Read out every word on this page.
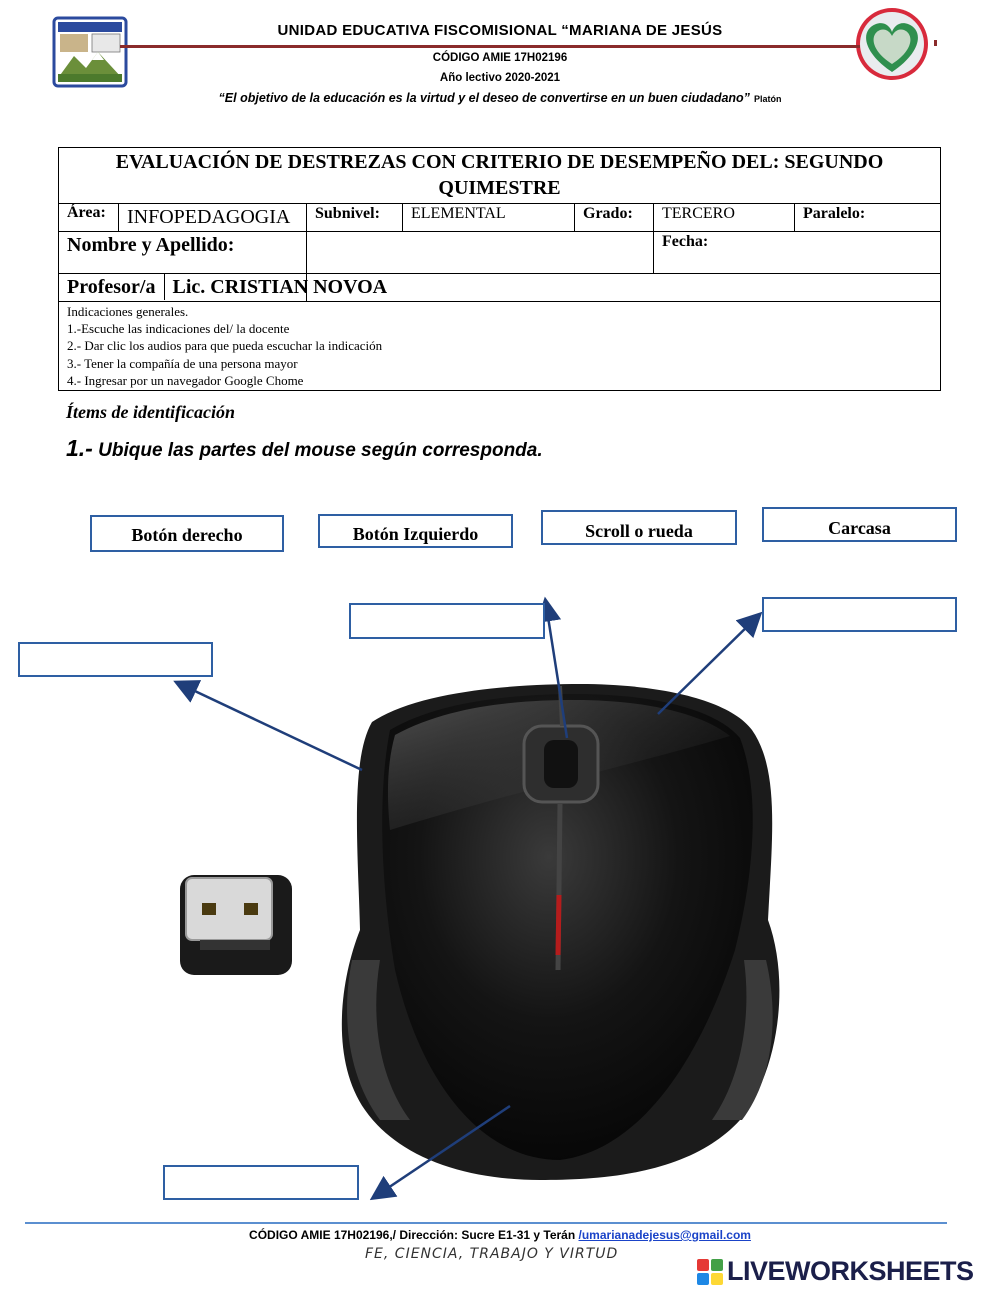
UNIDAD EDUCATIVA FISCOMISIONAL “MARIANA DE JESÚS
CÓDIGO AMIE 17H02196
Año lectivo 2020-2021
“El objetivo de la educación es la virtud y el deseo de convertirse en un buen ciudadano” Platón
EVALUACIÓN DE DESTREZAS CON CRITERIO DE DESEMPEÑO DEL: SEGUNDO QUIMESTRE						
Área:	INFOPEDAGOGIA	Subnivel:	ELEMENTAL	Grado:	TERCERO	Paralelo:
Nombre y Apellido:					Fecha:	

Profesor/a Lic. CRISTIAN NOVOA						

Indicaciones generales.
1.-Escuche las indicaciones del/ la docente
2.- Dar clic los audios para que pueda escuchar la indicación
3.- Tener la compañía de una persona mayor
4.- Ingresar por un navegador Google Chome						
Ítems de identificación
1.- Ubique las partes del mouse según corresponda.
Botón derecho	Botón Izquierdo	Scroll o rueda	Carcasa
CÓDIGO AMIE 17H02196,/ Dirección: Sucre E1-31 y Terán /umarianadejesus@gmail.com
FE, CIENCIA, TRABAJO Y VIRTUD
LIVEWORKSHEETS
